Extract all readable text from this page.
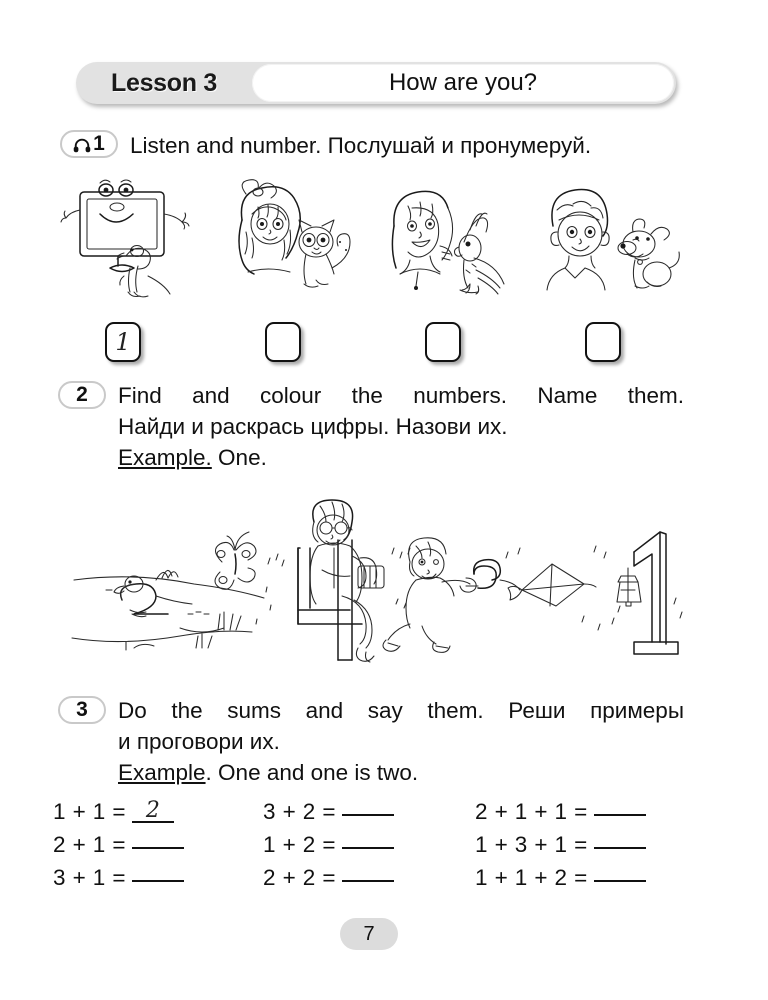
Lesson 3	How are you?
1 Listen and number. Послушай и пронумеруй.
1
2 Find and colour the numbers. Name them.
Найди и раскрась цифры. Назови их.
Example. One.
3 Do the sums and say them. Реши примеры
и проговори их.
Example. One and one is two.
1 + 1 = 2
2 + 1 =
3 + 1 =
3 + 2 =
1 + 2 =
2 + 2 =
2 + 1 + 1 =
1 + 3 + 1 =
1 + 1 + 2 =
7
